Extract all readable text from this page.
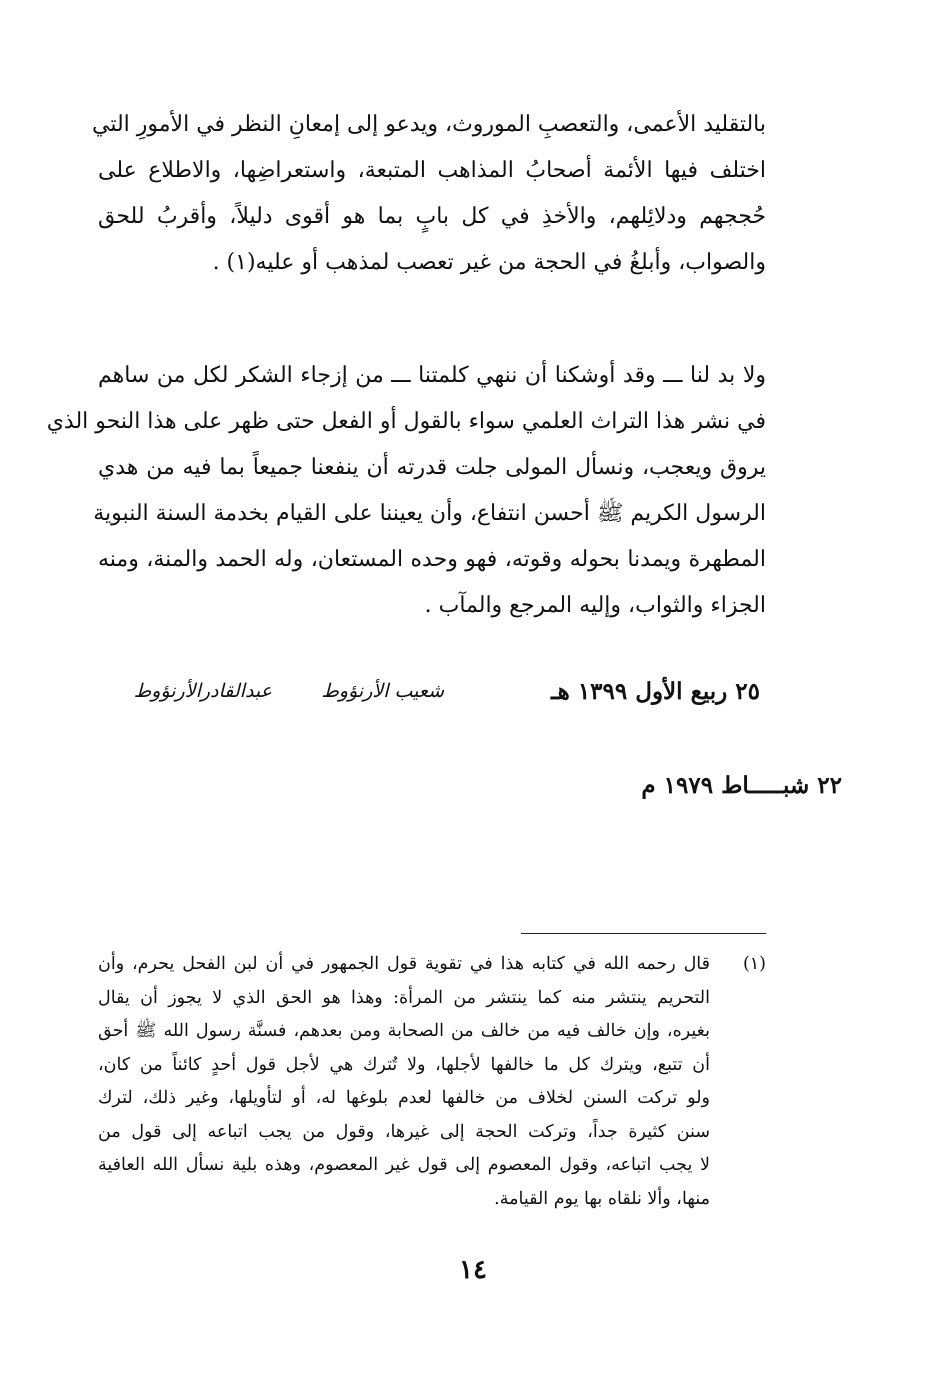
بالتقليد الأعمى، والتعصبِ الموروث، ويدعو إلى إمعانِ النظر في الأمورِ التي
اختلف فيها الأئمة أصحابُ المذاهب المتبعة، واستعراضِها، والاطلاع على
حُججهم ودلائِلهم، والأخذِ في كل بابٍ بما هو أقوى دليلاً، وأقربُ للحق
والصواب، وأبلغُ في الحجة من غير تعصب لمذهب أو عليه(١) .
ولا بد لنا ـــ وقد أوشكنا أن ننهي كلمتنا ـــ من إزجاء الشكر لكل من ساهم
في نشر هذا التراث العلمي سواء بالقول أو الفعل حتى ظهر على هذا النحو الذي
يروق ويعجب، ونسأل المولى جلت قدرته أن ينفعنا جميعاً بما فيه من هدي
الرسول الكريم ﷺ أحسن انتفاع، وأن يعيننا على القيام بخدمة السنة النبوية
المطهرة ويمدنا بحوله وقوته، فهو وحده المستعان، وله الحمد والمنة، ومنه
الجزاء والثواب، وإليه المرجع والمآب .
٢٥ ربيع الأول ١٣٩٩ هـ
شعيب الأرنؤوط
عبدالقادرالأرنؤوط
٢٢ شبـــــاط ١٩٧٩ م
(١)
قال رحمه الله في كتابه هذا في تقوية قول الجمهور في أن لبن الفحل يحرم، وأن
التحريم ينتشر منه كما ينتشر من المرأة: وهذا هو الحق الذي لا يجوز أن يقال
بغيره، وإن خالف فيه من خالف من الصحابة ومن بعدهم، فسنَّة رسول الله ﷺ أحق
أن تتبع، ويترك كل ما خالفها لأجلها، ولا تُترك هي لأجل قول أحدٍ كائناً من كان،
ولو تركت السنن لخلاف من خالفها لعدم بلوغها له، أو لتأويلها، وغير ذلك، لترك
سنن كثيرة جداً، وتركت الحجة إلى غيرها، وقول من يجب اتباعه إلى قول من
لا يجب اتباعه، وقول المعصوم إلى قول غير المعصوم، وهذه بلية نسأل الله العافية
منها، وألا نلقاه بها يوم القيامة.
١٤
